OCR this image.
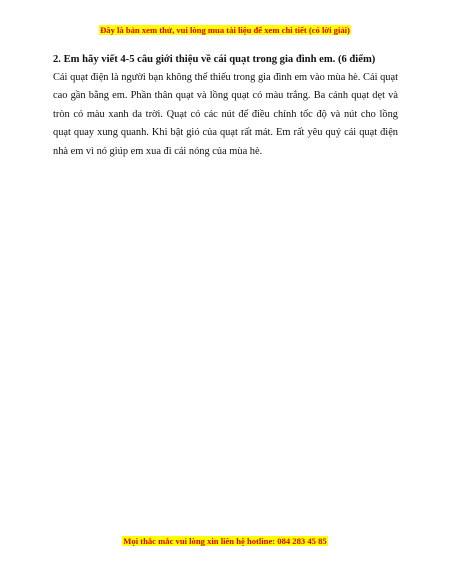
Đây là bản xem thử, vui lòng mua tài liệu để xem chi tiết (có lời giải)

2. Em hãy viết 4-5 câu giới thiệu về cái quạt trong gia đình em. (6 điểm)

Cái quạt điện là người bạn không thể thiếu trong gia đình em vào mùa hè. Cái quạt cao gần bằng em. Phần thân quạt và lồng quạt có màu trắng. Ba cánh quạt dẹt và tròn có màu xanh da trời. Quạt có các nút để điều chỉnh tốc độ và nút cho lồng quạt quay xung quanh. Khi bật gió của quạt rất mát. Em rất yêu quý cái quạt điện nhà em vì nó giúp em xua đi cái nóng của mùa hè.

Mọi thắc mắc vui lòng xin liên hệ hotline: 084 283 45 85
